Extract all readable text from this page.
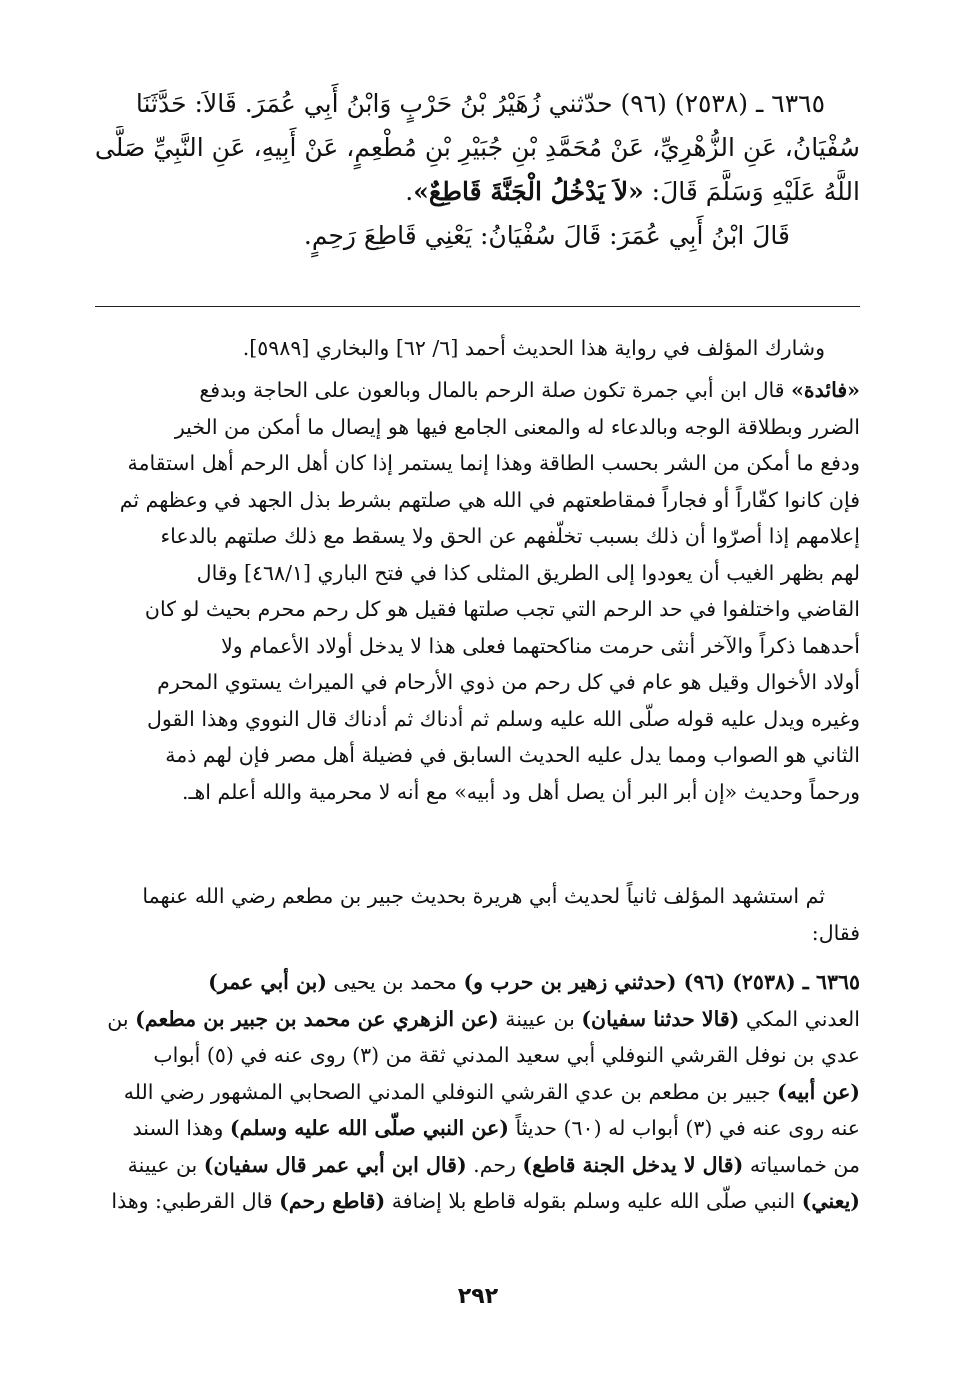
٦٣٦٥ ـ (٢٥٣٨) (٩٦) حدّثني زُهَيْرُ بْنُ حَرْبٍ وَابْنُ أَبِي عُمَرَ. قَالاَ: حَدَّثَنَا
سُفْيَانُ، عَنِ الزُّهْرِيِّ، عَنْ مُحَمَّدِ بْنِ جُبَيْرِ بْنِ مُطْعِمٍ، عَنْ أَبِيهِ، عَنِ النَّبِيِّ صَلَّى
اللَّهُ عَلَيْهِ وَسَلَّمَ قَالَ: «لاَ يَدْخُلُ الْجَنَّةَ قَاطِعٌ».
قَالَ ابْنُ أَبِي عُمَرَ: قَالَ سُفْيَانُ: يَعْنِي قَاطِعَ رَحِمٍ.
وشارك المؤلف في رواية هذا الحديث أحمد [٦/ ٦٢] والبخاري [٥٩٨٩].
«فائدة» قال ابن أبي جمرة تكون صلة الرحم بالمال وبالعون على الحاجة وبدفع
الضرر وبطلاقة الوجه وبالدعاء له والمعنى الجامع فيها هو إيصال ما أمكن من الخير
ودفع ما أمكن من الشر بحسب الطاقة وهذا إنما يستمر إذا كان أهل الرحم أهل استقامة
فإن كانوا كفّاراً أو فجاراً فمقاطعتهم في الله هي صلتهم بشرط بذل الجهد في وعظهم ثم
إعلامهم إذا أصرّوا أن ذلك بسبب تخلّفهم عن الحق ولا يسقط مع ذلك صلتهم بالدعاء
لهم بظهر الغيب أن يعودوا إلى الطريق المثلى كذا في فتح الباري [٤٦٨/١] وقال
القاضي واختلفوا في حد الرحم التي تجب صلتها فقيل هو كل رحم محرم بحيث لو كان
أحدهما ذكراً والآخر أنثى حرمت مناكحتهما فعلى هذا لا يدخل أولاد الأعمام ولا
أولاد الأخوال وقيل هو عام في كل رحم من ذوي الأرحام في الميراث يستوي المحرم
وغيره ويدل عليه قوله صلّى الله عليه وسلم ثم أدناك ثم أدناك قال النووي وهذا القول
الثاني هو الصواب ومما يدل عليه الحديث السابق في فضيلة أهل مصر فإن لهم ذمة
ورحماً وحديث «إن أبر البر أن يصل أهل ود أبيه» مع أنه لا محرمية والله أعلم اهـ.
ثم استشهد المؤلف ثانياً لحديث أبي هريرة بحديث جبير بن مطعم رضي الله عنهما
فقال:
٦٣٦٥ ـ (٢٥٣٨) (٩٦) (حدثني زهير بن حرب و) محمد بن يحيى (بن أبي عمر)
العدني المكي (قالا حدثنا سفيان) بن عيينة (عن الزهري عن محمد بن جبير بن مطعم) بن
عدي بن نوفل القرشي النوفلي أبي سعيد المدني ثقة من (٣) روى عنه في (٥) أبواب
(عن أبيه) جبير بن مطعم بن عدي القرشي النوفلي المدني الصحابي المشهور رضي الله
عنه روى عنه في (٣) أبواب له (٦٠) حديثاً (عن النبي صلّى الله عليه وسلم) وهذا السند
من خماسياته (قال لا يدخل الجنة قاطع) رحم. (قال ابن أبي عمر قال سفيان) بن عيينة
(يعني) النبي صلّى الله عليه وسلم بقوله قاطع بلا إضافة (قاطع رحم) قال القرطبي: وهذا
٢٩٢
